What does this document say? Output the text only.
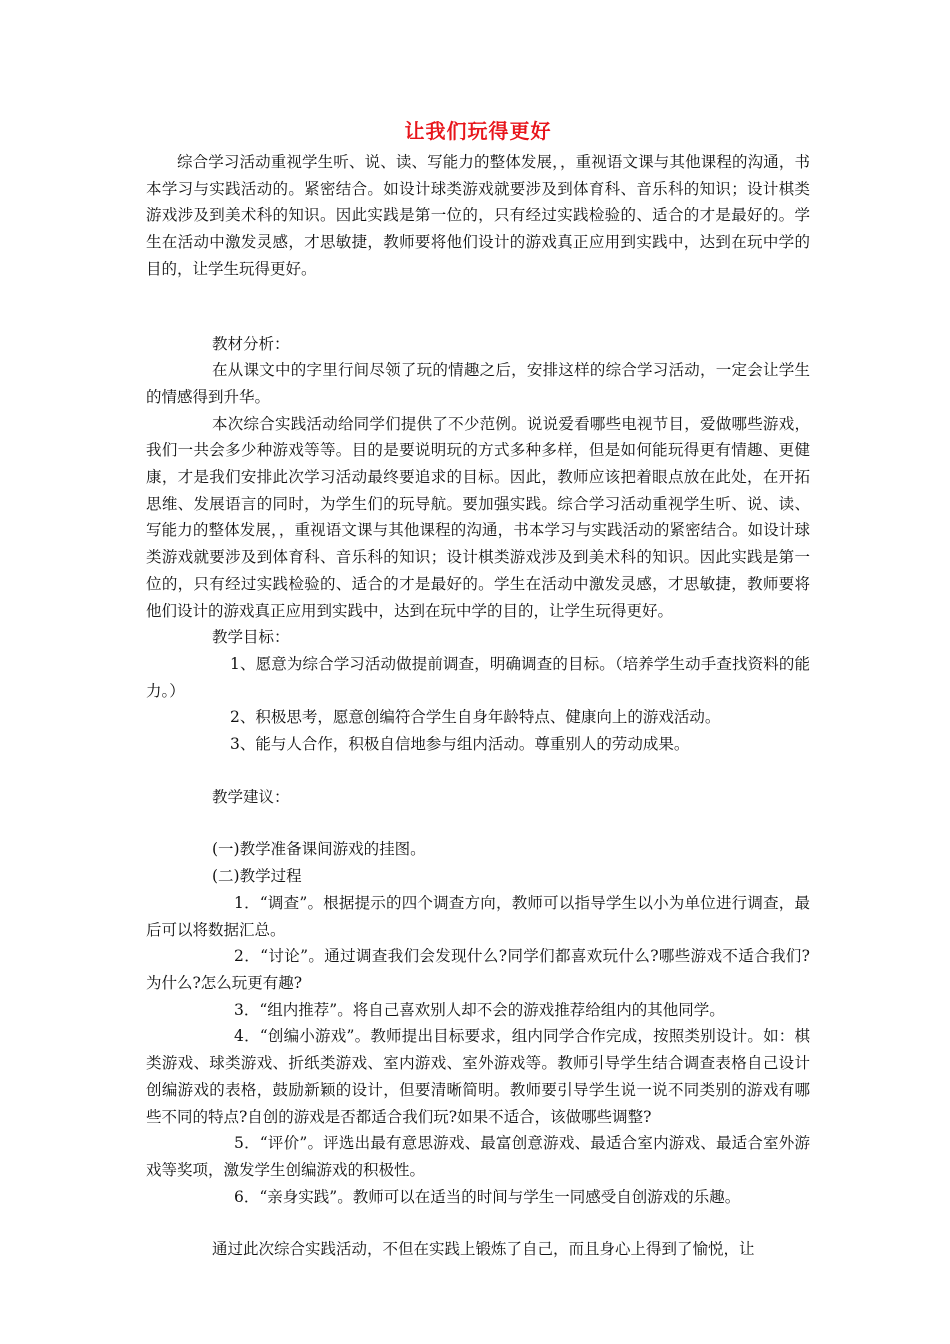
让我们玩得更好

综合学习活动重视学生听、说、读、写能力的整体发展，，重视语文课与其他课程的沟通，书本学习与实践活动的。紧密结合。如设计球类游戏就要涉及到体育科、音乐科的知识；设计棋类游戏涉及到美术科的知识。因此实践是第一位的，只有经过实践检验的、适合的才是最好的。学生在活动中激发灵感，才思敏捷，教师要将他们设计的游戏真正应用到实践中，达到在玩中学的目的，让学生玩得更好。

教材分析：

在从课文中的字里行间尽领了玩的情趣之后，安排这样的综合学习活动，一定会让学生的情感得到升华。

本次综合实践活动给同学们提供了不少范例。说说爱看哪些电视节目，爱做哪些游戏，我们一共会多少种游戏等等。目的是要说明玩的方式多种多样，但是如何能玩得更有情趣、更健康，才是我们安排此次学习活动最终要追求的目标。因此，教师应该把着眼点放在此处，在开拓思维、发展语言的同时，为学生们的玩导航。要加强实践。综合学习活动重视学生听、说、读、写能力的整体发展，，重视语文课与其他课程的沟通，书本学习与实践活动的紧密结合。如设计球类游戏就要涉及到体育科、音乐科的知识；设计棋类游戏涉及到美术科的知识。因此实践是第一位的，只有经过实践检验的、适合的才是最好的。学生在活动中激发灵感，才思敏捷，教师要将他们设计的游戏真正应用到实践中，达到在玩中学的目的，让学生玩得更好。

教学目标：

1、愿意为综合学习活动做提前调查，明确调查的目标。（培养学生动手查找资料的能力。）

2、积极思考，愿意创编符合学生自身年龄特点、健康向上的游戏活动。

3、能与人合作，积极自信地参与组内活动。尊重别人的劳动成果。

教学建议：

(一)教学准备课间游戏的挂图。

(二)教学过程

1．“调查”。根据提示的四个调查方向，教师可以指导学生以小为单位进行调查，最后可以将数据汇总。

2．“讨论”。通过调查我们会发现什么?同学们都喜欢玩什么?哪些游戏不适合我们?为什么?怎么玩更有趣?

3．“组内推荐”。将自己喜欢别人却不会的游戏推荐给组内的其他同学。

4．“创编小游戏”。教师提出目标要求，组内同学合作完成，按照类别设计。如：棋类游戏、球类游戏、折纸类游戏、室内游戏、室外游戏等。教师引导学生结合调查表格自己设计创编游戏的表格，鼓励新颖的设计，但要清晰简明。教师要引导学生说一说不同类别的游戏有哪些不同的特点?自创的游戏是否都适合我们玩?如果不适合，该做哪些调整?

5．“评价”。评选出最有意思游戏、最富创意游戏、最适合室内游戏、最适合室外游戏等奖项，激发学生创编游戏的积极性。

6．“亲身实践”。教师可以在适当的时间与学生一同感受自创游戏的乐趣。

通过此次综合实践活动，不但在实践上锻炼了自己，而且身心上得到了愉悦，让
